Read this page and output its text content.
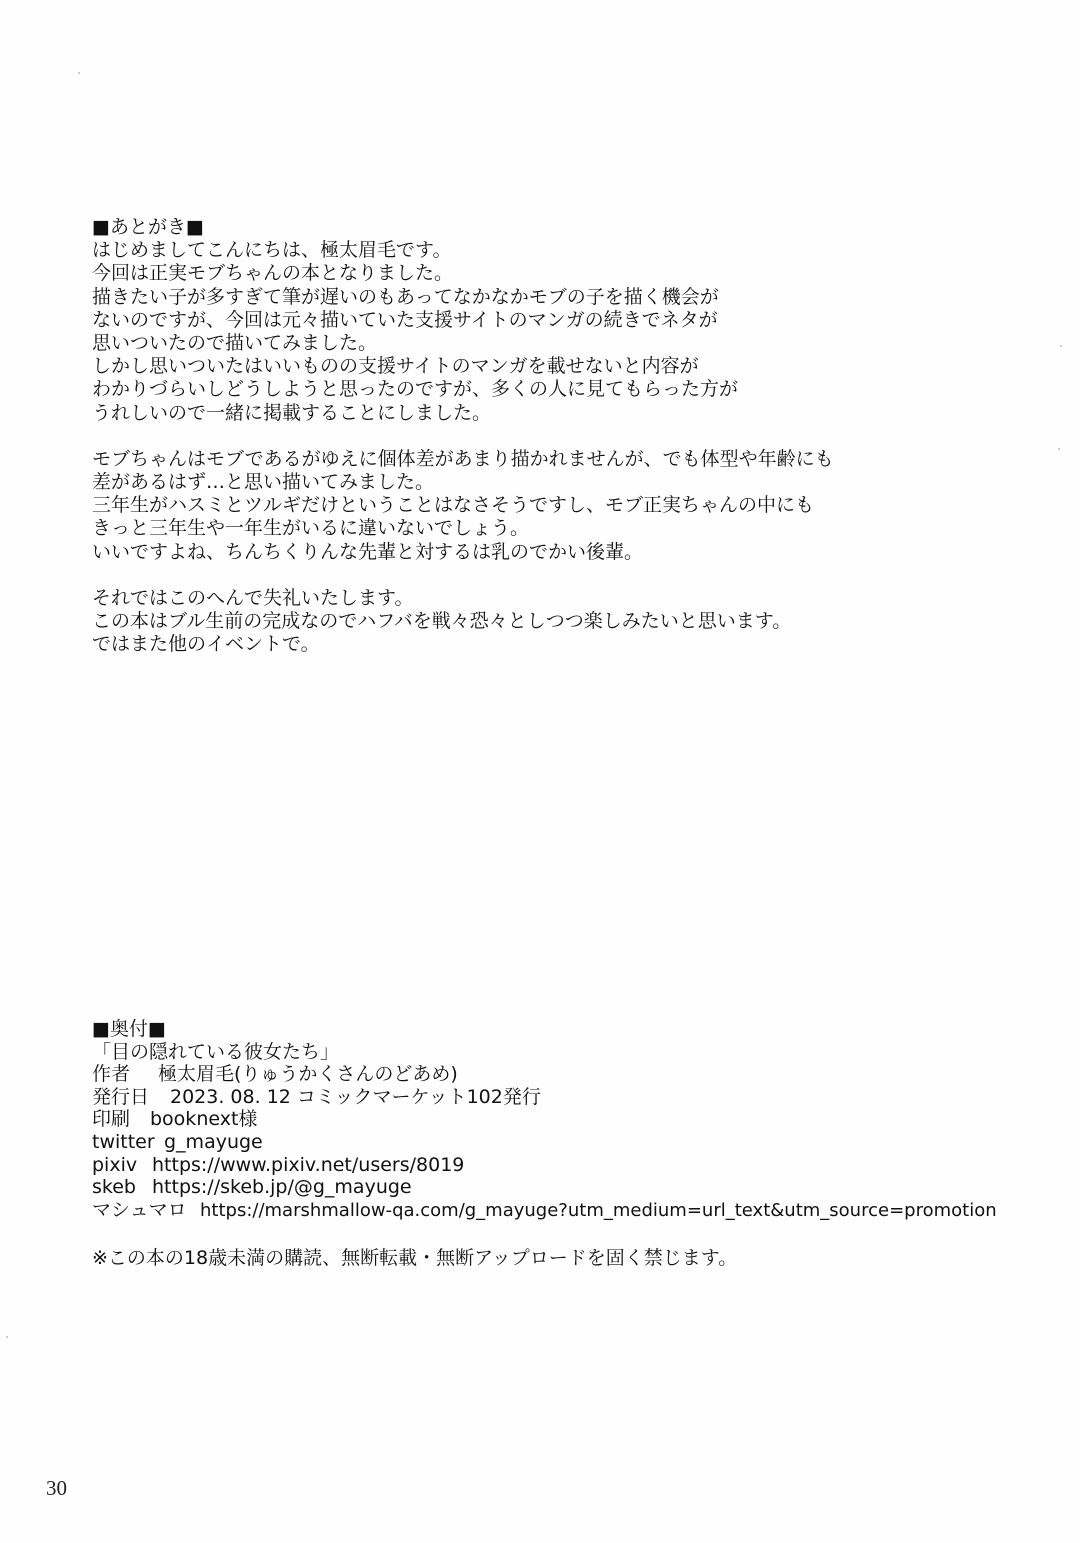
■あとがき■
はじめましてこんにちは、極太眉毛です。
今回は正実モブちゃんの本となりました。
描きたい子が多すぎて筆が遅いのもあってなかなかモブの子を描く機会が
ないのですが、今回は元々描いていた支援サイトのマンガの続きでネタが
思いついたので描いてみました。
しかし思いついたはいいものの支援サイトのマンガを載せないと内容が
わかりづらいしどうしようと思ったのですが、多くの人に見てもらった方が
うれしいので一緒に掲載することにしました。
モブちゃんはモブであるがゆえに個体差があまり描かれませんが、でも体型や年齢にも
差があるはず…と思い描いてみました。
三年生がハスミとツルギだけということはなさそうですし、モブ正実ちゃんの中にも
きっと三年生や一年生がいるに違いないでしょう。
いいですよね、ちんちくりんな先輩と対するは乳のでかい後輩。
それではこのへんで失礼いたします。
この本はブル生前の完成なのでハフバを戦々恐々としつつ楽しみたいと思います。
ではまた他のイベントで。
■奥付■
「目の隠れている彼女たち」
作者 極太眉毛(りゅうかくさんのどあめ)
発行日 2023. 08. 12 コミックマーケット102発行
印刷 booknext様
twitter g_mayuge
pixiv https://www.pixiv.net/users/8019
skeb https://skeb.jp/@g_mayuge
マシュマロ https://marshmallow-qa.com/g_mayuge?utm_medium=url_text&utm_source=promotion
※この本の18歳未満の購読、無断転載・無断アップロードを固く禁じます。
30
